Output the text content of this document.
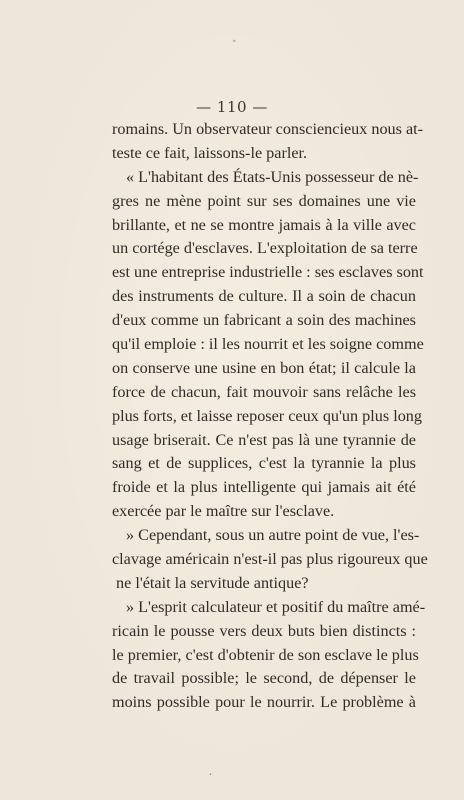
— 110 —
romains. Un observateur consciencieux nous at-
teste ce fait, laissons-le parler.
« L'habitant des États-Unis possesseur de nè-
gres ne mène point sur ses domaines une vie
brillante, et ne se montre jamais à la ville avec
un cortége d'esclaves. L'exploitation de sa terre
est une entreprise industrielle : ses esclaves sont
des instruments de culture. Il a soin de chacun
d'eux comme un fabricant a soin des machines
qu'il emploie : il les nourrit et les soigne comme
on conserve une usine en bon état; il calcule la
force de chacun, fait mouvoir sans relâche les
plus forts, et laisse reposer ceux qu'un plus long
usage briserait. Ce n'est pas là une tyrannie de
sang et de supplices, c'est la tyrannie la plus
froide et la plus intelligente qui jamais ait été
exercée par le maître sur l'esclave.
» Cependant, sous un autre point de vue, l'es-
clavage américain n'est-il pas plus rigoureux que
ne l'était la servitude antique?
» L'esprit calculateur et positif du maître amé-
ricain le pousse vers deux buts bien distincts :
le premier, c'est d'obtenir de son esclave le plus
de travail possible; le second, de dépenser le
moins possible pour le nourrir. Le problème à
˅
•
